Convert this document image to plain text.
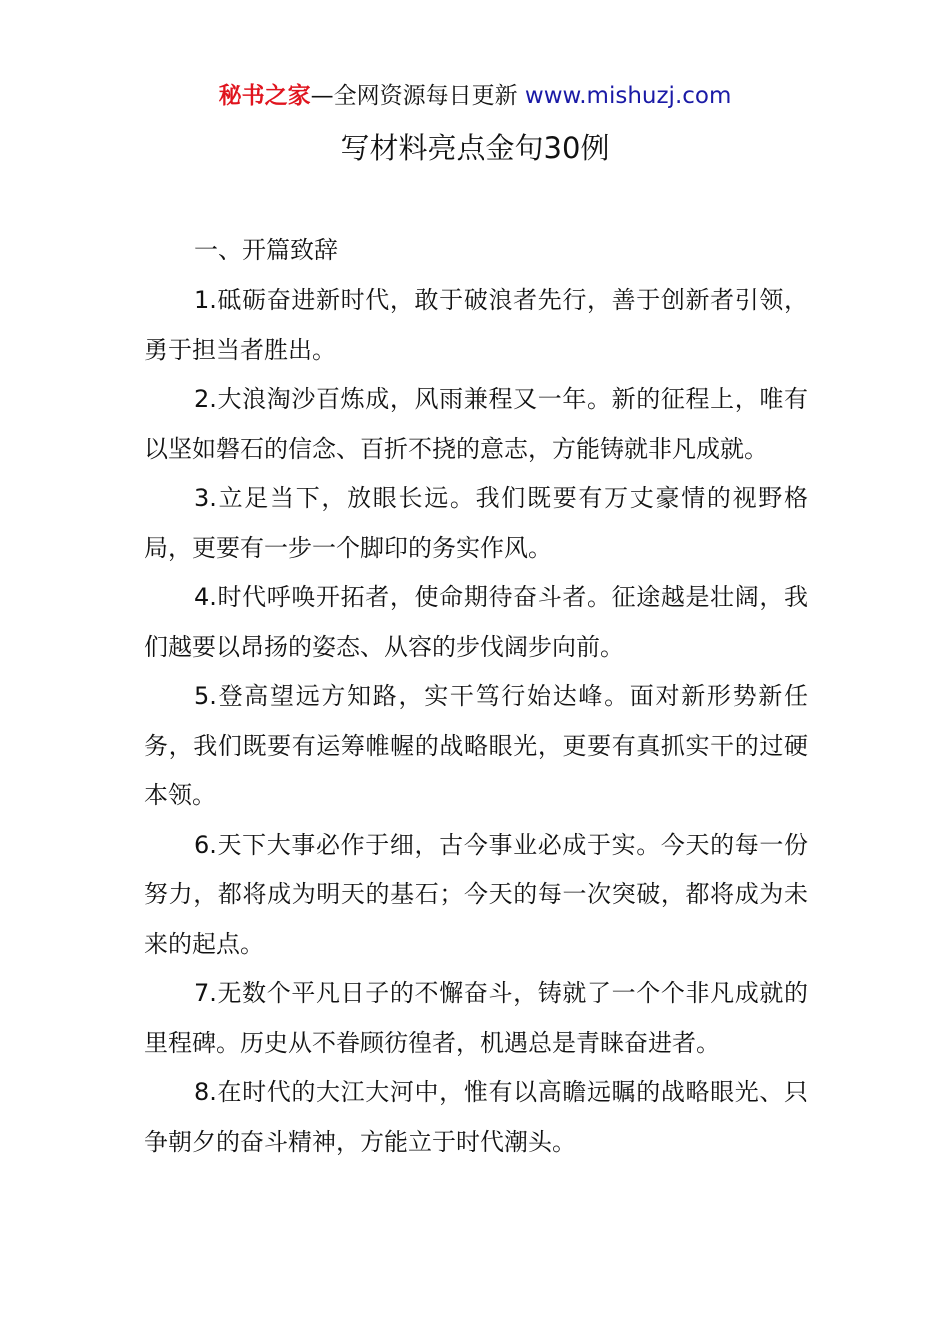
秘书之家—全网资源每日更新 www.mishuzj.com
写材料亮点金句30例

一、开篇致辞

1.砥砺奋进新时代，敢于破浪者先行，善于创新者引领，勇于担当者胜出。

2.大浪淘沙百炼成，风雨兼程又一年。新的征程上，唯有以坚如磐石的信念、百折不挠的意志，方能铸就非凡成就。

3.立足当下，放眼长远。我们既要有万丈豪情的视野格局，更要有一步一个脚印的务实作风。

4.时代呼唤开拓者，使命期待奋斗者。征途越是壮阔，我们越要以昂扬的姿态、从容的步伐阔步向前。

5.登高望远方知路，实干笃行始达峰。面对新形势新任务，我们既要有运筹帷幄的战略眼光，更要有真抓实干的过硬本领。

6.天下大事必作于细，古今事业必成于实。今天的每一份努力，都将成为明天的基石；今天的每一次突破，都将成为未来的起点。

7.无数个平凡日子的不懈奋斗，铸就了一个个非凡成就的里程碑。历史从不眷顾彷徨者，机遇总是青睐奋进者。

8.在时代的大江大河中，惟有以高瞻远瞩的战略眼光、只争朝夕的奋斗精神，方能立于时代潮头。
